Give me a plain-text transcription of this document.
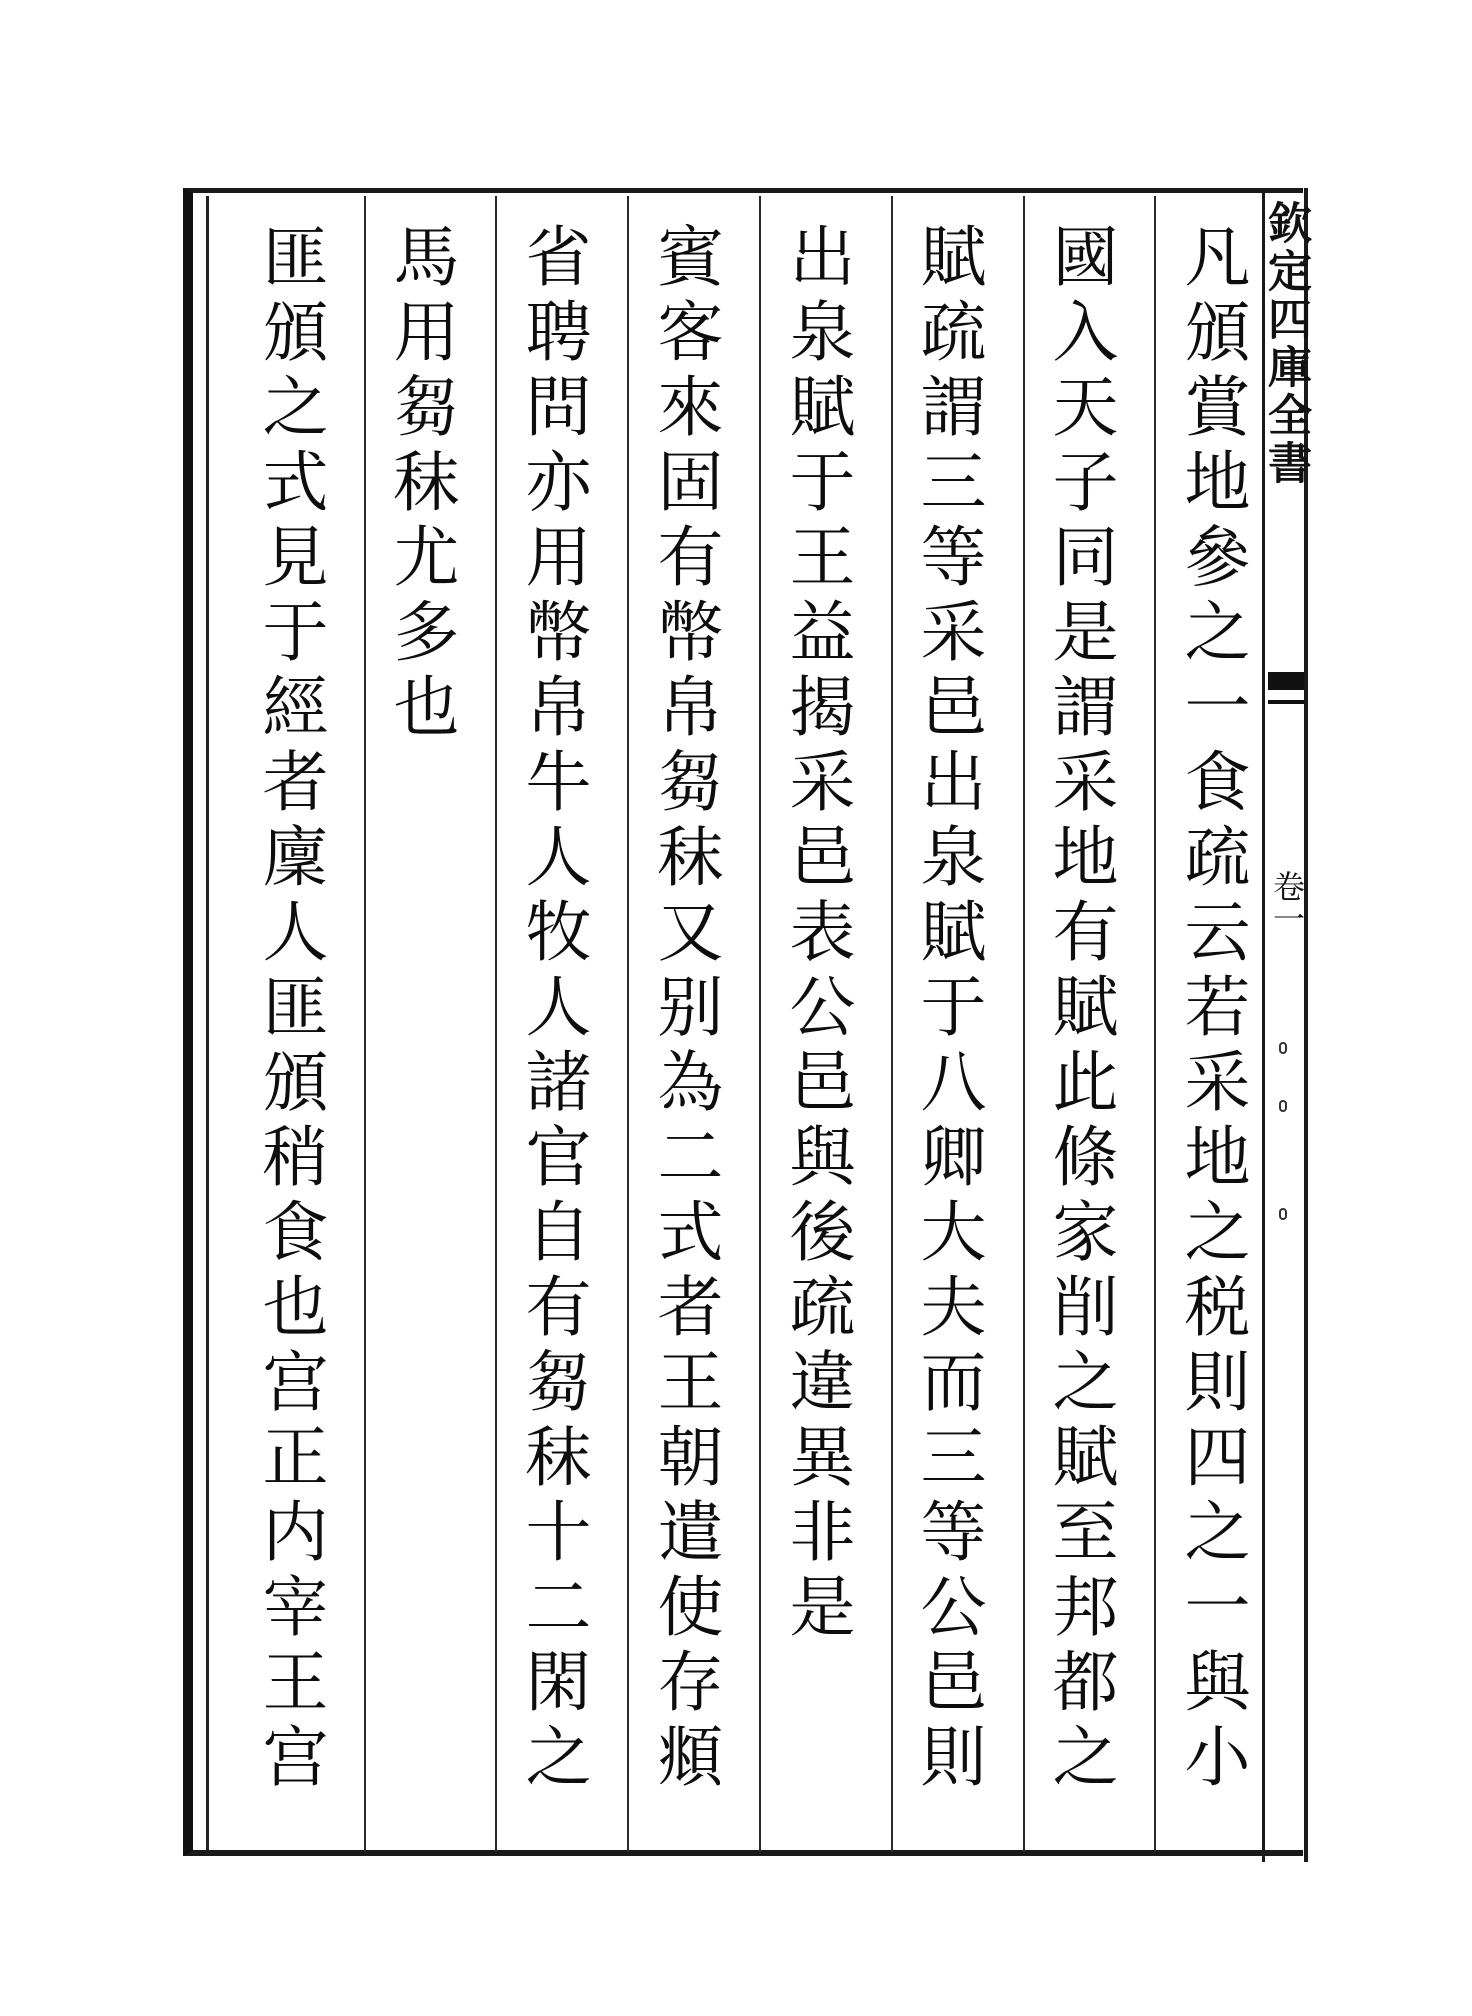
欽定四庫全書
卷一
凡頒賞地參之一食疏云若采地之税則四之一與小
國入天子同是謂采地有賦此條家削之賦至邦都之
賦疏謂三等采邑出泉賦于八卿大夫而三等公邑則
出泉賦于王益揭采邑表公邑與後疏違異非是
賓客來固有幣帛芻秣又别為二式者王朝遣使存頫
省聘問亦用幣帛牛人牧人諸官自有芻秣十二閑之
馬用芻秣尤多也
匪頒之式見于經者廩人匪頒稍食也宫正内宰王宫
